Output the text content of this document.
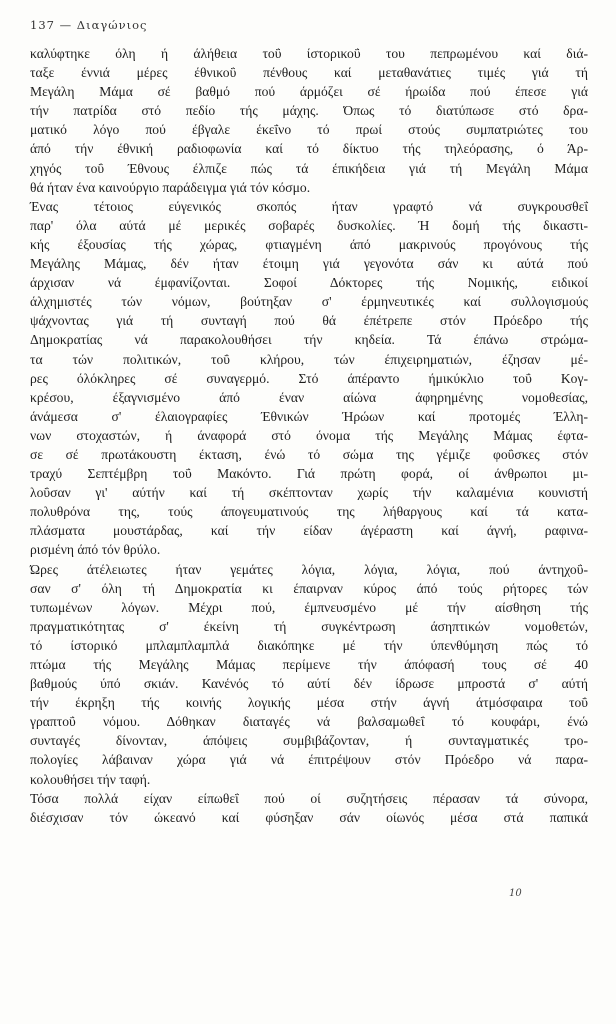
137 — Διαγώνιος

καλύφτηκε όλη ή άλήθεια τοΰ ίστορικοΰ του πεπρωμένου καί διά-
ταξε έννιά μέρες έθνικοΰ πένθους καί μεταθανάτιες τιμές γιά τή
Μεγάλη Μάμα σέ βαθμό πού άρμόζει σέ ήρωίδα πού έπεσε γιά
τήν πατρίδα στό πεδίο τής μάχης. Όπως τό διατύπωσε στό δρα-
ματικό λόγο πού έβγαλε έκεΐνο τό πρωί στούς συμπατριώτες του
άπό τήν έθνική ραδιοφωνία καί τό δίκτυο τής τηλεόρασης, ό Άρ-
χηγός τοΰ Έθνους έλπιζε πώς τά έπικήδεια γιά τή Μεγάλη Μάμα
θά ήταν ένα καινούργιο παράδειγμα γιά τόν κόσμο.

Ένας τέτοιος εύγενικός σκοπός ήταν γραφτό νά συγκρουσθεΐ
παρ' όλα αύτά μέ μερικές σοβαρές δυσκολίες. Ή δομή τής δικαστι-
κής έξουσίας τής χώρας, φτιαγμένη άπό μακρινούς προγόνους τής
Μεγάλης Μάμας, δέν ήταν έτοιμη γιά γεγονότα σάν κι αύτά πού
άρχισαν νά έμφανίζονται. Σοφοί Δόκτορες τής Νομικής, ειδικοί
άλχημιστές τών νόμων, βούτηξαν σ' έρμηνευτικές καί συλλογισμούς
ψάχνοντας γιά τή συνταγή πού θά έπέτρεπε στόν Πρόεδρο τής
Δημοκρατίας νά παρακολουθήσει τήν κηδεία. Τά έπάνω στρώμα-
τα τών πολιτικών, τοΰ κλήρου, τών έπιχειρηματιών, έζησαν μέ-
ρες όλόκληρες σέ συναγερμό. Στό άπέραντο ήμικύκλιο τοΰ Κογ-
κρέσου, έξαγνισμένο άπό έναν αίώνα άφηρημένης νομοθεσίας,
άνάμεσα σ' έλαιογραφίες Έθνικών Ήρώων καί προτομές Έλλη-
νων στοχαστών, ή άναφορά στό όνομα τής Μεγάλης Μάμας έφτα-
σε σέ πρωτάκουστη έκταση, ένώ τό σώμα της γέμιζε φοΰσκες στόν
τραχύ Σεπτέμβρη τοΰ Μακόντο. Γιά πρώτη φορά, οί άνθρωποι μι-
λοΰσαν γι' αύτήν καί τή σκέπτονταν χωρίς τήν καλαμένια κουνιστή
πολυθρόνα της, τούς άπογευματινούς της λήθαργους καί τά κατα-
πλάσματα μουστάρδας, καί τήν είδαν άγέραστη καί άγνή, ραφινα-
ρισμένη άπό τόν θρύλο.

Ώρες άτέλειωτες ήταν γεμάτες λόγια, λόγια, λόγια, πού άντηχοΰ-
σαν σ' όλη τή Δημοκρατία κι έπαιρναν κύρος άπό τούς ρήτορες τών
τυπωμένων λόγων. Μέχρι πού, έμπνευσμένο μέ τήν αίσθηση τής
πραγματικότητας σ' έκείνη τή συγκέντρωση άσηπτικών νομοθετών,
τό ίστορικό μπλαμπλαμπλά διακόπηκε μέ τήν ύπενθύμηση πώς τό
πτώμα τής Μεγάλης Μάμας περίμενε τήν άπόφασή τους σέ 40
βαθμούς ύπό σκιάν. Κανένός τό αύτί δέν ίδρωσε μπροστά σ' αύτή
τήν έκρηξη τής κοινής λογικής μέσα στήν άγνή άτμόσφαιρα τοΰ
γραπτοΰ νόμου. Δόθηκαν διαταγές νά βαλσαμωθεΐ τό κουφάρι, ένώ
συνταγές δίνονταν, άπόψεις συμβιβάζονταν, ή συνταγματικές τρο-
πολογίες λάβαιναν χώρα γιά νά έπιτρέψουν στόν Πρόεδρο νά παρα-
κολουθήσει τήν ταφή.

Τόσα πολλά είχαν είπωθεΐ πού οί συζητήσεις πέρασαν τά σύνορα,
διέσχισαν τόν ώκεανό καί φύσηξαν σάν οίωνός μέσα στά παπικά

10
